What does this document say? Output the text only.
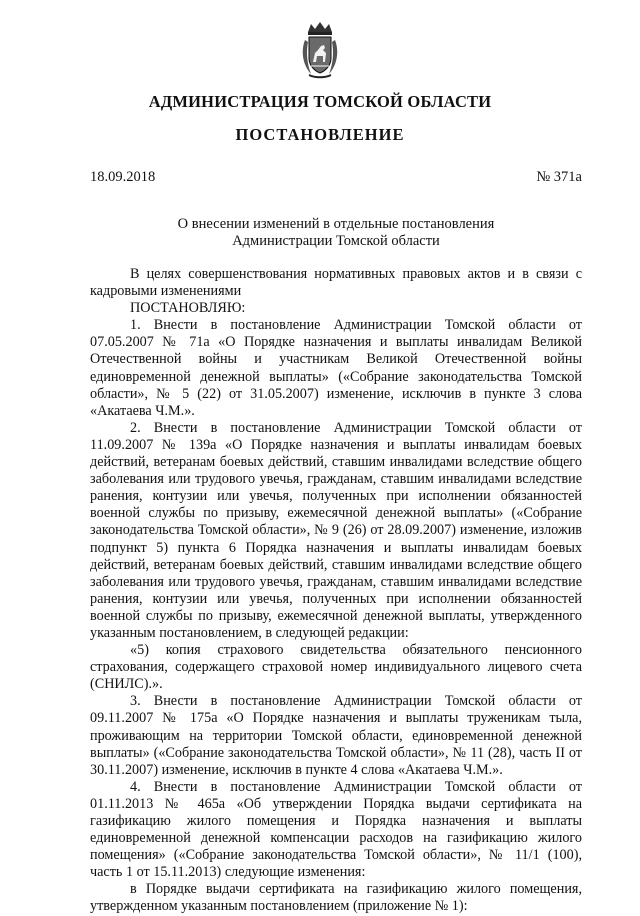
АДМИНИСТРАЦИЯ ТОМСКОЙ ОБЛАСТИ
ПОСТАНОВЛЕНИЕ
18.09.2018	№ 371а
О внесении изменений в отдельные постановления
Администрации Томской области

В целях совершенствования нормативных правовых актов и в связи с кадровыми изменениями

ПОСТАНОВЛЯЮ:

1. Внести в постановление Администрации Томской области от 07.05.2007 № 71а «О Порядке назначения и выплаты инвалидам Великой Отечественной войны и участникам Великой Отечественной войны единовременной денежной выплаты» («Собрание законодательства Томской области», № 5 (22) от 31.05.2007) изменение, исключив в пункте 3 слова «Акатаева Ч.М.».

2. Внести в постановление Администрации Томской области от 11.09.2007 № 139а «О Порядке назначения и выплаты инвалидам боевых действий, ветеранам боевых действий, ставшим инвалидами вследствие общего заболевания или трудового увечья, гражданам, ставшим инвалидами вследствие ранения, контузии или увечья, полученных при исполнении обязанностей военной службы по призыву, ежемесячной денежной выплаты» («Собрание законодательства Томской области», № 9 (26) от 28.09.2007) изменение, изложив подпункт 5) пункта 6 Порядка назначения и выплаты инвалидам боевых действий, ветеранам боевых действий, ставшим инвалидами вследствие общего заболевания или трудового увечья, гражданам, ставшим инвалидами вследствие ранения, контузии или увечья, полученных при исполнении обязанностей военной службы по призыву, ежемесячной денежной выплаты, утвержденного указанным постановлением, в следующей редакции:

«5) копия страхового свидетельства обязательного пенсионного страхования, содержащего страховой номер индивидуального лицевого счета (СНИЛС).».

3. Внести в постановление Администрации Томской области от 09.11.2007 № 175а «О Порядке назначения и выплаты труженикам тыла, проживающим на территории Томской области, единовременной денежной выплаты» («Собрание законодательства Томской области», № 11 (28), часть II от 30.11.2007) изменение, исключив в пункте 4 слова «Акатаева Ч.М.».

4. Внести в постановление Администрации Томской области от 01.11.2013 № 465а «Об утверждении Порядка выдачи сертификата на газификацию жилого помещения и Порядка назначения и выплаты единовременной денежной компенсации расходов на газификацию жилого помещения» («Собрание законодательства Томской области», № 11/1 (100), часть 1 от 15.11.2013) следующие изменения:

в Порядке выдачи сертификата на газификацию жилого помещения, утвержденном указанным постановлением (приложение № 1):
